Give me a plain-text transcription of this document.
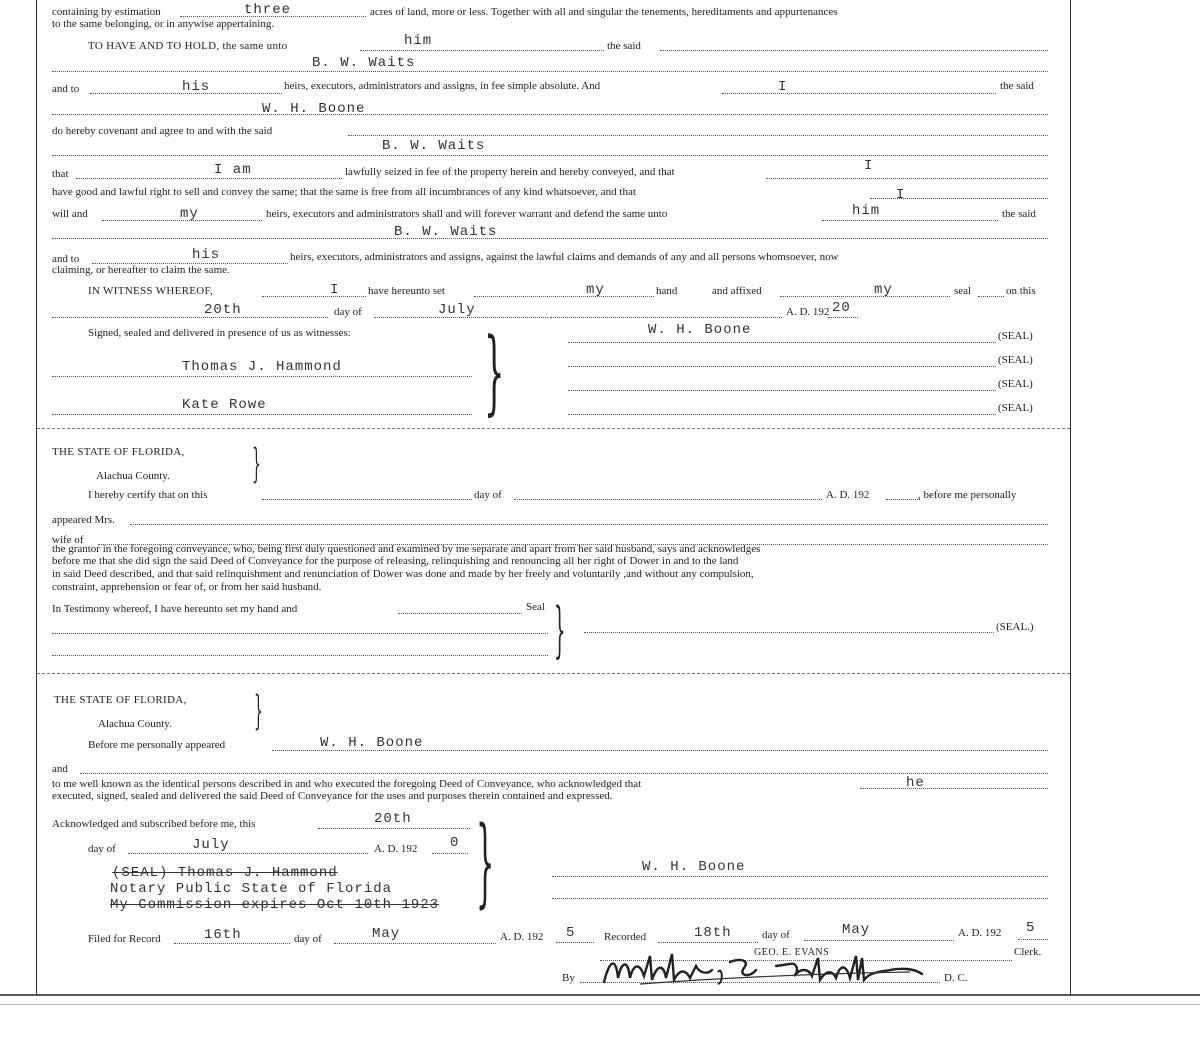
containing by estimation	three	acres of land, more or less. Together with all and singular the tenements, hereditaments and appurtenances
to the same belonging, or in anywise appertaining.
TO HAVE AND TO HOLD, the same unto	him	the said
B. W. Waits
and to	his	heirs, executors, administrators and assigns, in fee simple absolute. And	I	the said
W. H. Boone
do hereby covenant and agree to and with the said
B. W. Waits
that	I am	lawfully seized in fee of the property herein and hereby conveyed, and that	I
have good and lawful right to sell and convey the same; that the same is free from all incumbrances of any kind whatsoever, and that	I
will and	my	heirs, executors and administrators shall and will forever warrant and defend the same unto	him	the said
B. W. Waits
and to	his	heirs, executors, administrators and assigns, against the lawful claims and demands of any and all persons whomsoever, now
claiming, or hereafter to claim the same.
IN WITNESS WHEREOF,	I	have hereunto set	my	hand	and affixed	my	seal	on this
20th	day of	July	A. D. 192 20
Signed, sealed and delivered in presence of us as witnesses: }
Thomas J. Hammond
Kate Rowe
W. H. Boone	(SEAL)
(SEAL)
(SEAL)
(SEAL)
THE STATE OF FLORIDA,
Alachua County. }
I hereby certify that on this	day of	A. D. 192	, before me personally
appeared Mrs.
wife of
the grantor in the foregoing conveyance, who, being first duly questioned and examined by me separate and apart from her said husband, says and acknowledges
before me that she did sign the said Deed of Conveyance for the purpose of releasing, relinquishing and renouncing all her right of Dower in and to the land
in said Deed described, and that said relinquishment and renunciation of Dower was done and made by her freely and voluntarily ,and without any compulsion,
constraint, apprehension or fear of, or from her said husband.
In Testimony whereof, I have hereunto set my hand and	Seal }	(SEAL.)
THE STATE OF FLORIDA,
Alachua County. }
Before me personally appeared	W. H. Boone
and
to me well known as the identical persons described in and who executed the foregoing Deed of Conveyance, who acknowledged that	he
executed, signed, sealed and delivered the said Deed of Conveyance for the uses and purposes therein contained and expressed.
Acknowledged and subscribed before me, this	20th
day of	July	A. D. 192 0 }
(SEAL) Thomas J. Hammond
Notary Public State of Florida
My Commission expires Oct 10th 1923
W. H. Boone
Filed for Record	16th	day of	May	A. D. 192 5	Recorded	18th	day of	May	A. D. 192 5
GEO. E. EVANS	Clerk.
By	D. C.
